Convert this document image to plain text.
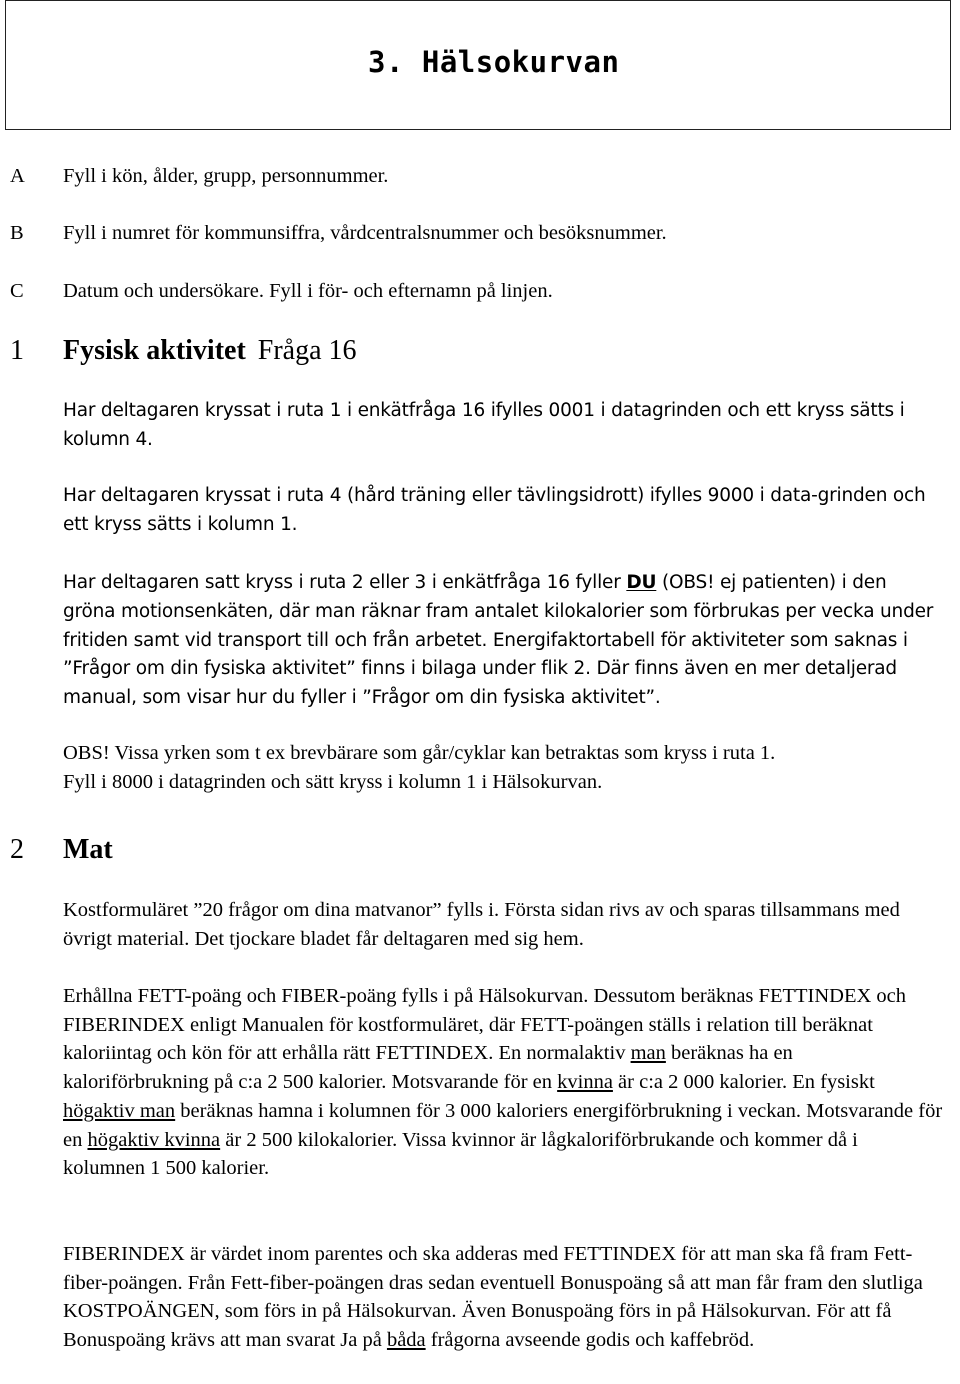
3. Hälsokurvan
A Fyll i kön, ålder, grupp, personnummer.
B Fyll i numret för kommunsiffra, vårdcentralsnummer och besöksnummer.
C Datum och undersökare. Fyll i för- och efternamn på linjen.
1 Fysisk aktivitet Fråga 16
Har deltagaren kryssat i ruta 1 i enkätfråga 16 ifylles 0001 i datagrinden och ett kryss sätts i kolumn 4.
Har deltagaren kryssat i ruta 4 (hård träning eller tävlingsidrott) ifylles 9000 i data-grinden och ett kryss sätts i kolumn 1.
Har deltagaren satt kryss i ruta 2 eller 3 i enkätfråga 16 fyller DU (OBS! ej patienten) i den gröna motionsenkäten, där man räknar fram antalet kilokalorier som förbrukas per vecka under fritiden samt vid transport till och från arbetet. Energifaktortabell för aktiviteter som saknas i ”Frågor om din fysiska aktivitet” finns i bilaga under flik 2. Där finns även en mer detaljerad manual, som visar hur du fyller i ”Frågor om din fysiska aktivitet”.
OBS! Vissa yrken som t ex brevbärare som går/cyklar kan betraktas som kryss i ruta 1.
Fyll i 8000 i datagrinden och sätt kryss i kolumn 1 i Hälsokurvan.
2 Mat
Kostformuläret ”20 frågor om dina matvanor” fylls i. Första sidan rivs av och sparas tillsammans med övrigt material. Det tjockare bladet får deltagaren med sig hem.
Erhållna FETT-poäng och FIBER-poäng fylls i på Hälsokurvan. Dessutom beräknas FETTINDEX och FIBERINDEX enligt Manualen för kostformuläret, där FETT-poängen ställs i relation till beräknat kaloriintag och kön för att erhålla rätt FETTINDEX. En normalaktiv man beräknas ha en kaloriförbrukning på c:a 2 500 kalorier. Motsvarande för en kvinna är c:a 2 000 kalorier. En fysiskt högaktiv man beräknas hamna i kolumnen för 3 000 kaloriers energiförbrukning i veckan. Motsvarande för en högaktiv kvinna är 2 500 kilokalorier. Vissa kvinnor är lågkaloriförbrukande och kommer då i kolumnen 1 500 kalorier.
FIBERINDEX är värdet inom parentes och ska adderas med FETTINDEX för att man ska få fram Fett-fiber-poängen. Från Fett-fiber-poängen dras sedan eventuell Bonuspoäng så att man får fram den slutliga KOSTPOÄNGEN, som förs in på Hälsokurvan. Även Bonuspoäng förs in på Hälsokurvan. För att få Bonuspoäng krävs att man svarat Ja på båda frågorna avseende godis och kaffebröd.
